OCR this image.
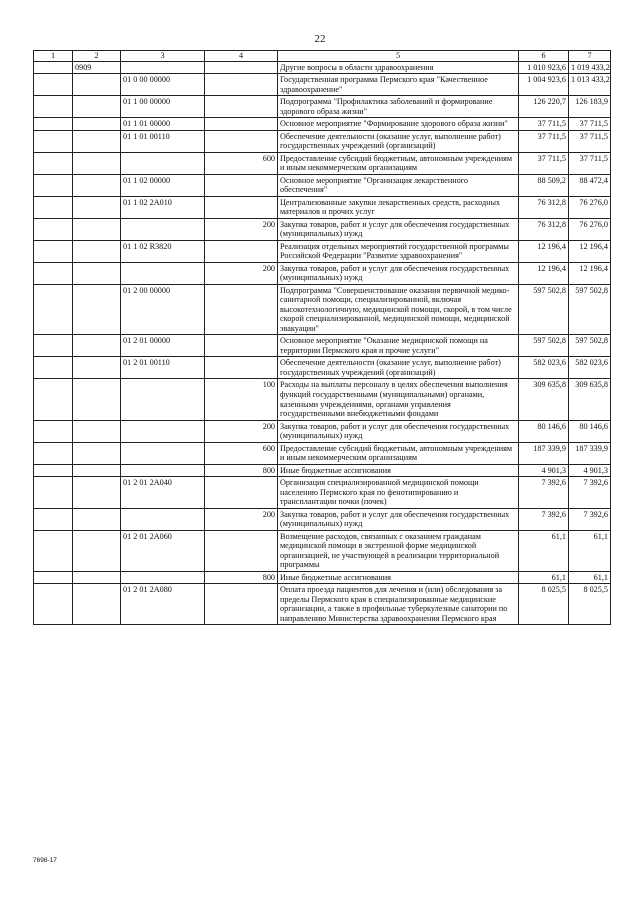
22
1	2	3	4	5	6	7
	0909			Другие вопросы в области здравоохранения	1 010 923,6	1 019 433,2
		01 0 00 00000		Государственная программа Пермского края "Качественное здравоохранение"	1 004 923,6	1 013 433,2
		01 1 00 00000		Подпрограмма "Профилактика заболеваний и формирование здорового образа жизни"	126 220,7	126 183,9
		01 1 01 00000		Основное мероприятие "Формирование здорового образа жизни"	37 711,5	37 711,5
		01 1 01 00110		Обеспечение деятельности (оказание услуг, выполнение работ) государственных учреждений (организаций)	37 711,5	37 711,5
			600	Предоставление субсидий бюджетным, автономным учреждениям и иным некоммерческим организациям	37 711,5	37 711,5
		01 1 02 00000		Основное мероприятие "Организация лекарственного обеспечения"	88 509,2	88 472,4
		01 1 02 2А010		Централизованные закупки лекарственных средств, расходных материалов и прочих услуг	76 312,8	76 276,0
			200	Закупка товаров, работ и услуг для обеспечения государственных (муниципальных) нужд	76 312,8	76 276,0
		01 1 02 R3820		Реализация отдельных мероприятий государственной программы Российской Федерации "Развитие здравоохранения"	12 196,4	12 196,4
			200	Закупка товаров, работ и услуг для обеспечения государственных (муниципальных) нужд	12 196,4	12 196,4
		01 2 00 00000		Подпрограмма "Совершенствование оказания первичной медико-санитарной помощи, специализированной, включая высокотехнологичную, медицинской помощи, скорой, в том числе скорой специализированной, медицинской помощи, медицинской эвакуации"	597 502,8	597 502,8
		01 2 01 00000		Основное мероприятие "Оказание медицинской помощи на территории Пермского края и прочие услуги"	597 502,8	597 502,8
		01 2 01 00110		Обеспечение деятельности (оказание услуг, выполнение работ) государственных учреждений (организаций)	582 023,6	582 023,6
			100	Расходы на выплаты персоналу в целях обеспечения выполнения функций государственными (муниципальными) органами, казенными учреждениями, органами управления государственными внебюджетными фондами	309 635,8	309 635,8
			200	Закупка товаров, работ и услуг для обеспечения государственных (муниципальных) нужд	80 146,6	80 146,6
			600	Предоставление субсидий бюджетным, автономным учреждениям и иным некоммерческим организациям	187 339,9	187 339,9
			800	Иные бюджетные ассигнования	4 901,3	4 901,3
		01 2 01 2А040		Организация специализированной медицинской помощи населению Пермского края по фенотипированию и трансплантации почки (почек)	7 392,6	7 392,6
			200	Закупка товаров, работ и услуг для обеспечения государственных (муниципальных) нужд	7 392,6	7 392,6
		01 2 01 2А060		Возмещение расходов, связанных с оказанием гражданам медицинской помощи в экстренной форме медицинской организацией, не участвующей в реализации территориальной программы	61,1	61,1
			800	Иные бюджетные ассигнования	61,1	61,1
		01 2 01 2А080		Оплата проезда пациентов для лечения и (или) обследования за пределы Пермского края в специализированные медицинские организации, а также в профильные туберкулезные санатории по направлению Министерства здравоохранения Пермского края	8 025,5	8 025,5
7698-17
